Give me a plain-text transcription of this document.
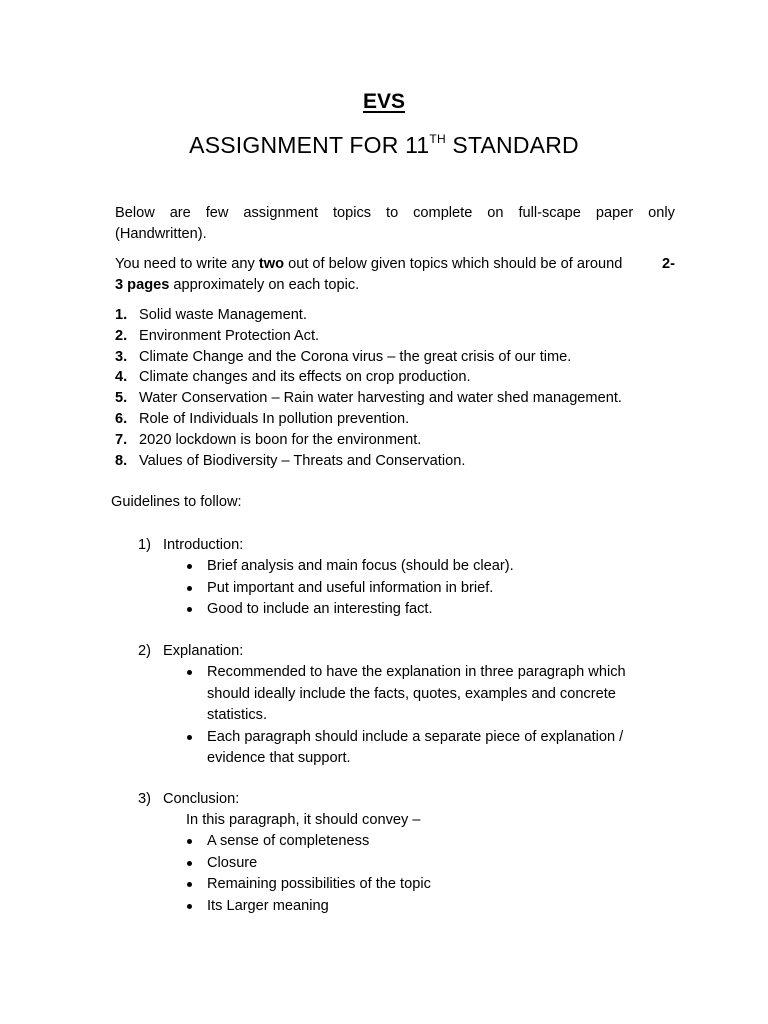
EVS
ASSIGNMENT FOR 11TH STANDARD
Below are few assignment topics to complete on full-scape paper only
(Handwritten).
You need to write any two out of below given topics which should be of around	2-
3 pages approximately on each topic.
1. Solid waste Management.
2. Environment Protection Act.
3. Climate Change and the Corona virus – the great crisis of our time.
4. Climate changes and its effects on crop production.
5. Water Conservation – Rain water harvesting and water shed management.
6. Role of Individuals In pollution prevention.
7. 2020 lockdown is boon for the environment.
8. Values of Biodiversity – Threats and Conservation.
Guidelines to follow:
1) Introduction:
Brief analysis and main focus (should be clear).
Put important and useful information in brief.
Good to include an interesting fact.
2) Explanation:
Recommended to have the explanation in three paragraph which should ideally include the facts, quotes, examples and concrete statistics.
Each paragraph should include a separate piece of explanation / evidence that support.
3) Conclusion:
In this paragraph, it should convey –
A sense of completeness
Closure
Remaining possibilities of the topic
Its Larger meaning
